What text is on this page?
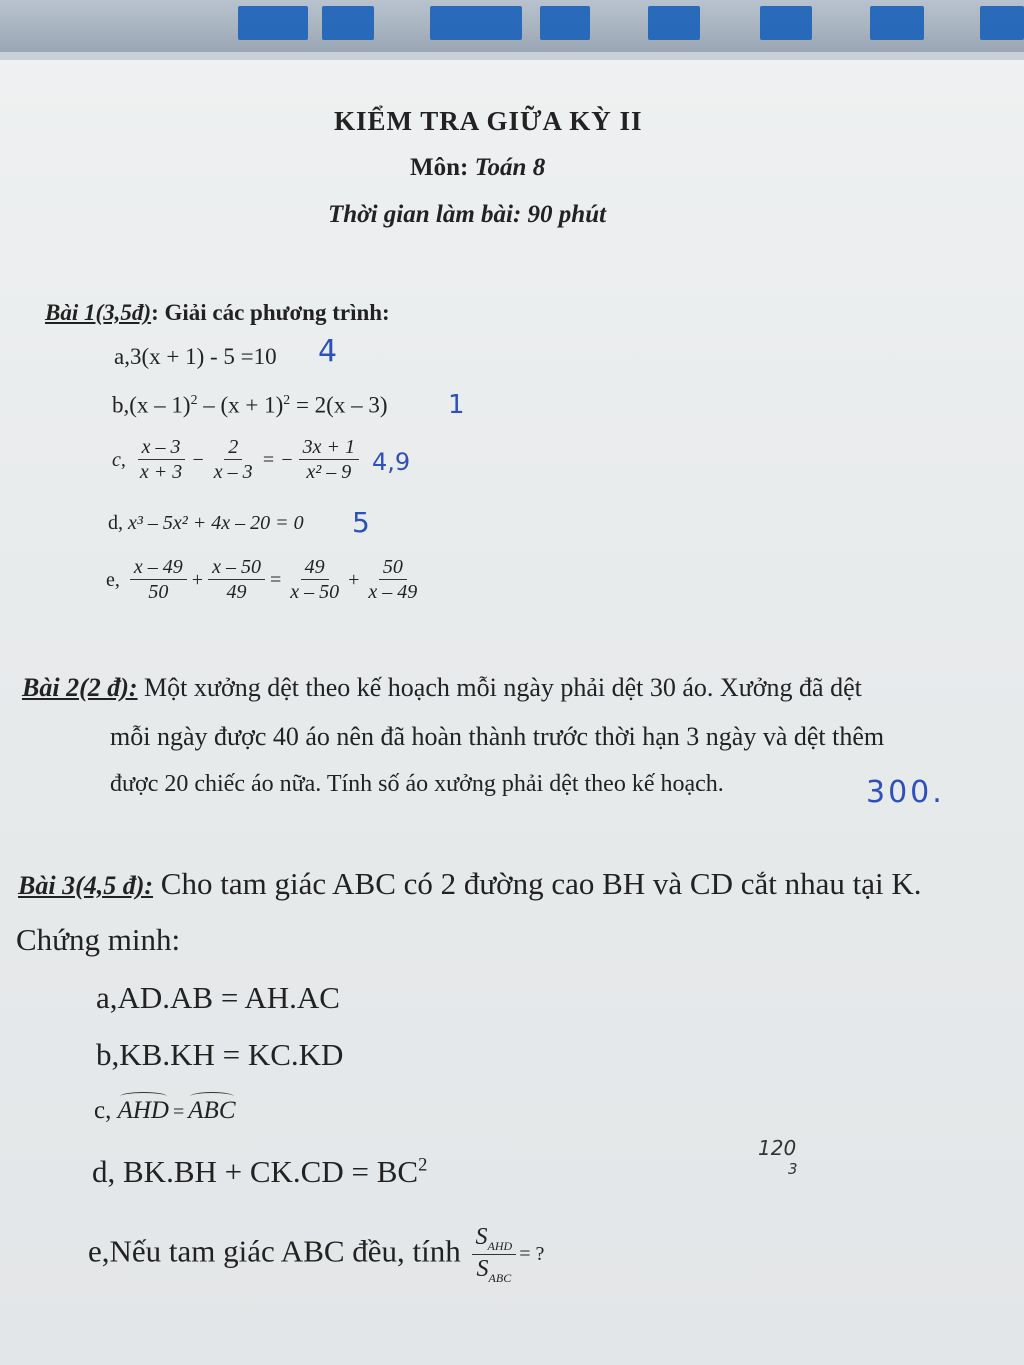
KIỂM TRA GIỮA KỲ II
Môn: Toán 8
Thời gian làm bài: 90 phút
Bài 1(3,5đ): Giải các phương trình:
a,3(x + 1) - 5 =10 4
$b,(x - 1)^2 - (x + 1)^2 = 2(x - 3)$ 1
c, $\frac{x - 3}{x + 3} - \frac{2}{x - 3}$ = − $\frac{3x + 1}{\text{x² – 9}} 4,9$
d, x³ – 5x² + 4x – 20 = 0 5
e, $\frac{x - 49}{50} + \frac{x - 50}{49} = \frac{49}{x - 50} + \frac{50}{x - 49}$
Bài 2(2 đ): Một xưởng dệt theo kế hoạch mỗi ngày phải dệt 30 áo. Xưởng đã dệt
mỗi ngày được 40 áo nên đã hoàn thành trước thời hạn 3 ngày và dệt thêm
được 20 chiếc áo nữa. Tính số áo xưởng phải dệt theo kế hoạch.	300.
Bài 3(4,5 đ): Cho tam giác ABC có 2 đường cao BH và CD cắt nhau tại K.
Chứng minh:
a,AD.AB = AH.AC
b,KB.KH = KC.KD
c, AHD = ABC
d, $BK.BH + CK.CD = BC^2$
120
3
e,Nếu tam giác ABC đều, tính $\frac{S_{AHD}}{S_{ABC}}$ = ?
